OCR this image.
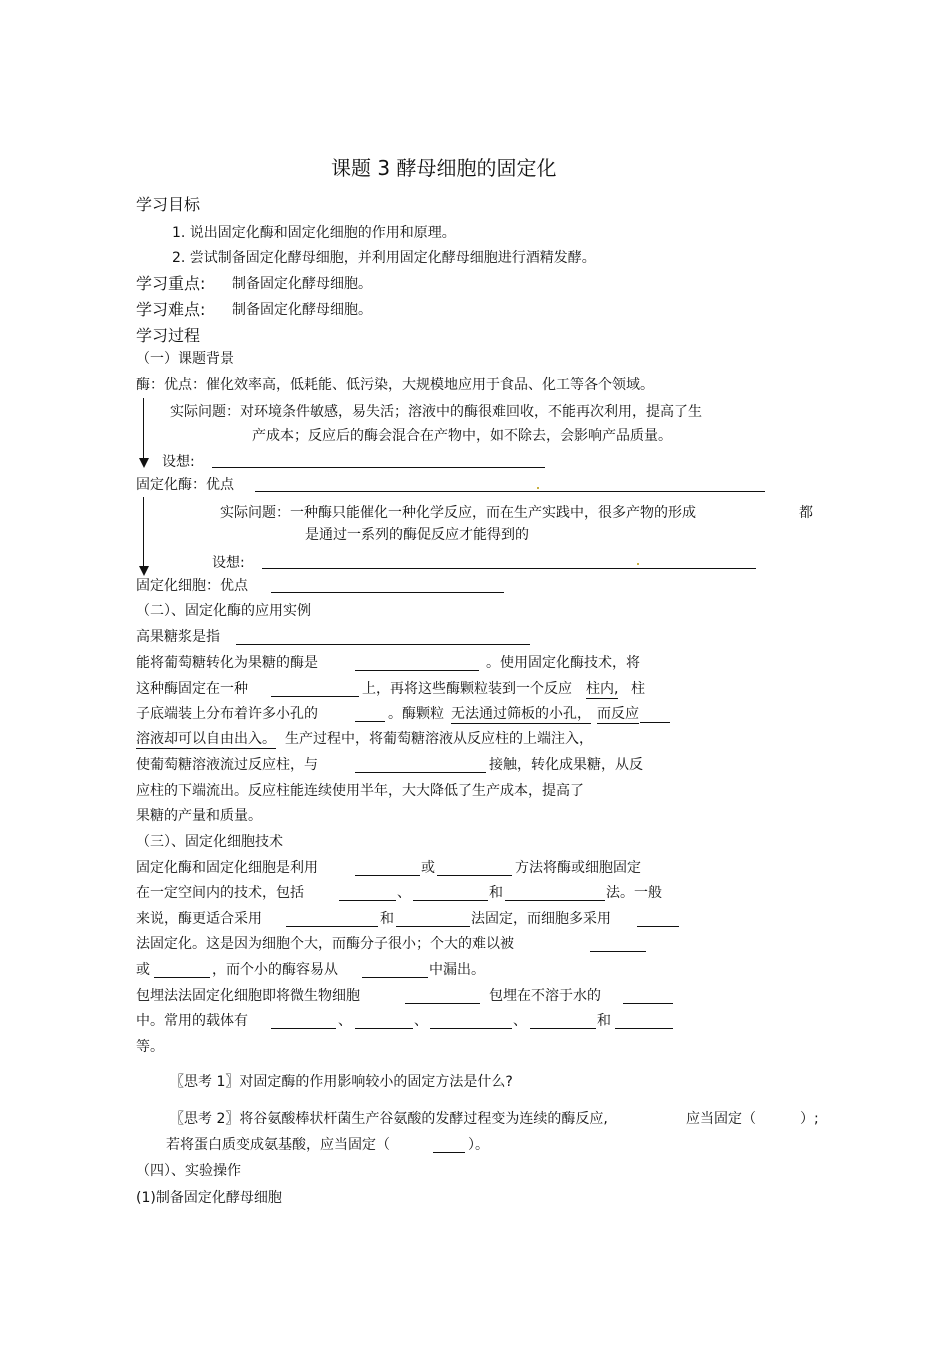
课题 3 酵母细胞的固定化
学习目标
1. 说出固定化酶和固定化细胞的作用和原理。
2. 尝试制备固定化酵母细胞，并利用固定化酵母细胞进行酒精发酵。
学习重点: 制备固定化酵母细胞。
学习难点: 制备固定化酵母细胞。
学习过程
（一）课题背景
酶：优点：催化效率高，低耗能、低污染，大规模地应用于食品、化工等各个领域。
实际问题：对环境条件敏感，易失活；溶液中的酶很难回收，不能再次利用，提高了生
产成本；反应后的酶会混合在产物中，如不除去，会影响产品质量。
设想:
固定化酶：优点
实际问题：一种酶只能催化一种化学反应，而在生产实践中，很多产物的形成	都
是通过一系列的酶促反应才能得到的
设想:
固定化细胞：优点
（二）、固定化酶的应用实例
高果糖浆是指
能将葡萄糖转化为果糖的酶是	。使用固定化酶技术，将
这种酶固定在一种	上，再将这些酶颗粒装到一个反应 柱内, 柱
子底端装上分布着许多小孔的	。酶颗粒 无法通过筛板的小孔， 而反应
溶液却可以自由出入。 生产过程中，将葡萄糖溶液从反应柱的上端注入，
使葡萄糖溶液流过反应柱，与	接触，转化成果糖，从反
应柱的下端流出。反应柱能连续使用半年，大大降低了生产成本，提高了
果糖的产量和质量。
（三）、固定化细胞技术
固定化酶和固定化细胞是利用	或	方法将酶或细胞固定
在一定空间内的技术，包括	、	和	法。一般
来说，酶更适合采用	和	法固定，而细胞多采用
法固定化。这是因为细胞个大，而酶分子很小；个大的难以被
或	，而个小的酶容易从	中漏出。
包埋法法固定化细胞即将微生物细胞	包埋在不溶于水的
中。常用的载体有	、	、	、	和
等。
〖思考 1〗对固定酶的作用影响较小的固定方法是什么?
〖思考 2〗将谷氨酸棒状杆菌生产谷氨酸的发酵过程变为连续的酶反应,	应当固定（	）;
若将蛋白质变成氨基酸，应当固定（	）。
（四）、实验操作
(1)制备固定化酵母细胞
